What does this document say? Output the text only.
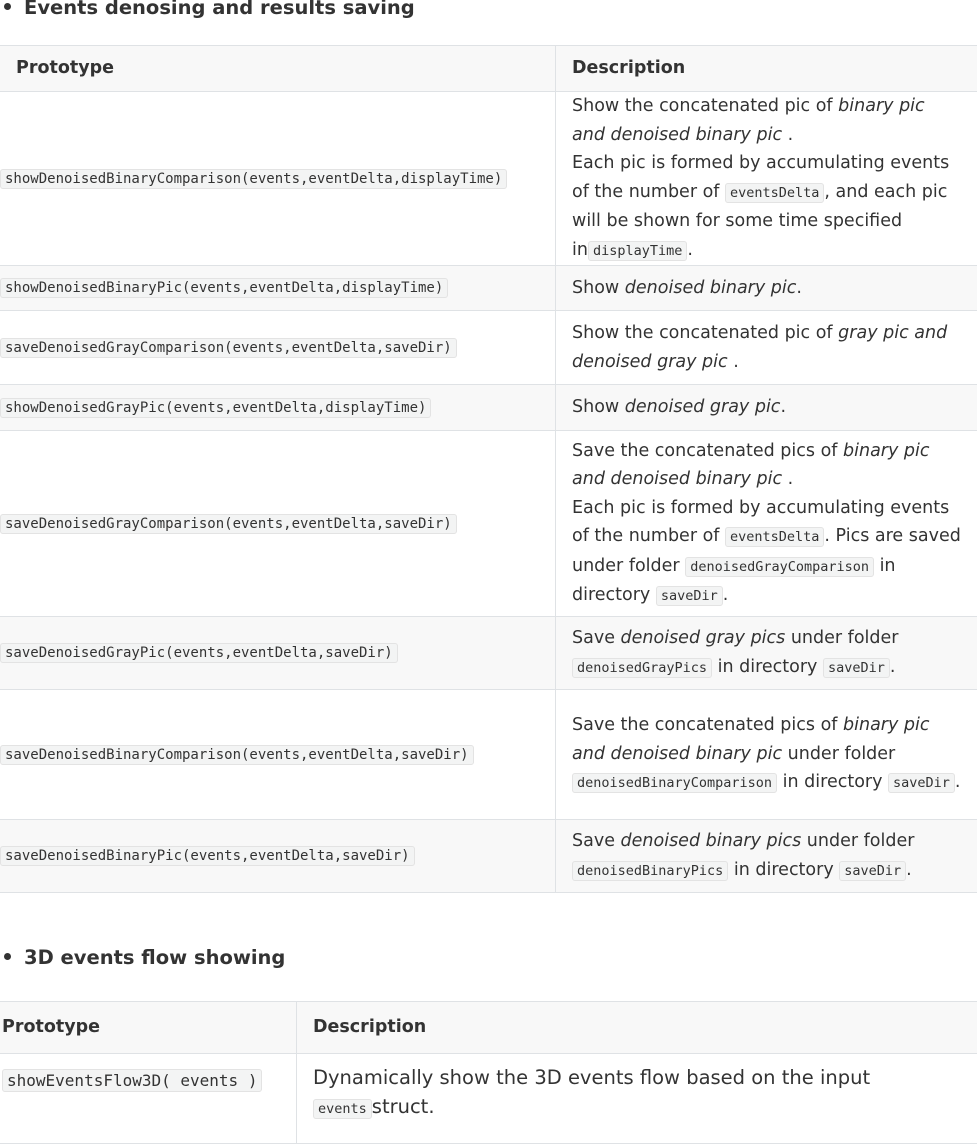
Events denosing and results saving
Prototype	Description
showDenoisedBinaryComparison(events,eventDelta,displayTime)	Show the concatenated pic of binary pic and denoised binary pic .

Each pic is formed by accumulating events of the number of eventsDelta , and each pic will be shown for some time specified in displayTime .

showDenoisedBinaryPic(events,eventDelta,displayTime)	Show denoised binary pic.

saveDenoisedGrayComparison(events,eventDelta,saveDir)	Show the concatenated pic of gray pic and denoised gray pic .

showDenoisedGrayPic(events,eventDelta,displayTime)	Show denoised gray pic.

saveDenoisedGrayComparison(events,eventDelta,saveDir)	Save the concatenated pics of binary pic and denoised binary pic .

Each pic is formed by accumulating events of the number of eventsDelta . Pics are saved under folder denoisedGrayComparison in directory saveDir .

saveDenoisedGrayPic(events,eventDelta,saveDir)	Save denoised gray pics under folder denoisedGrayPics in directory saveDir .

saveDenoisedBinaryComparison(events,eventDelta,saveDir)	Save the concatenated pics of binary pic and denoised binary pic under folder denoisedBinaryComparison in directory saveDir .

saveDenoisedBinaryPic(events,eventDelta,saveDir)	Save denoised binary pics under folder denoisedBinaryPics in directory saveDir .

3D events flow showing
Prototype	Description
showEventsFlow3D( events )	Dynamically show the 3D events flow based on the input events struct.
